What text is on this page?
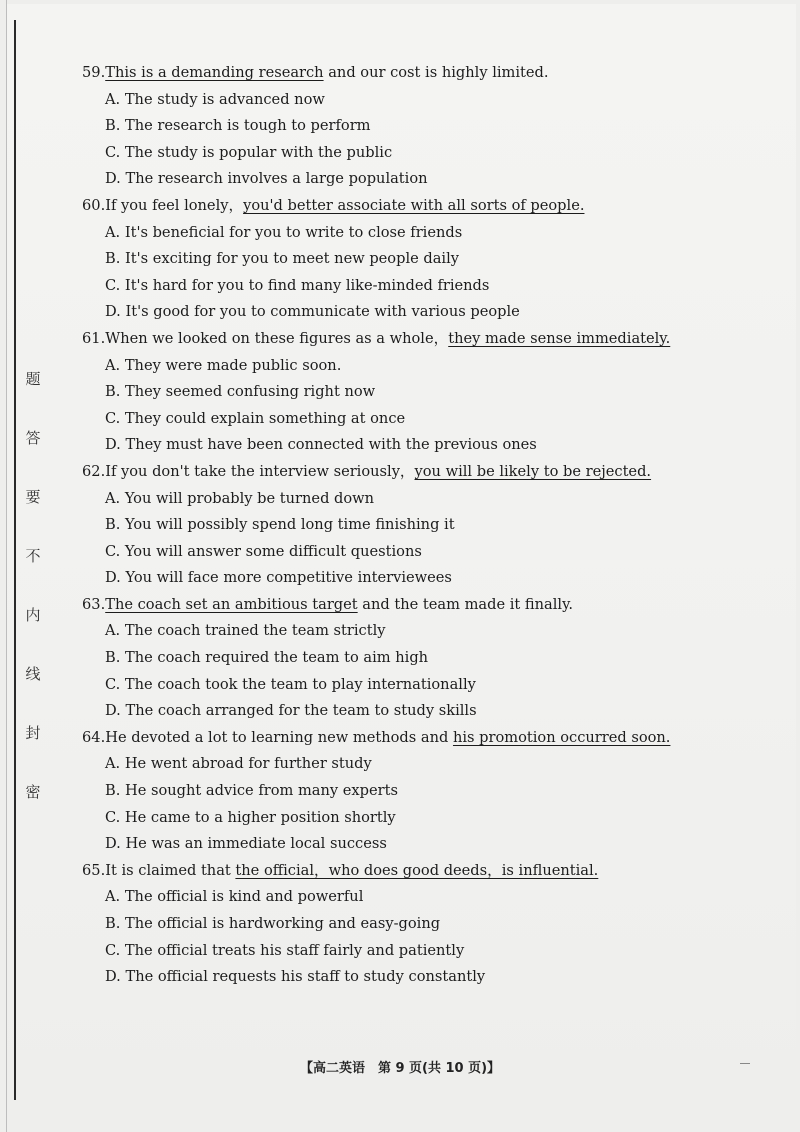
题
答
要
不
内
线
封
密
59.This is a demanding research and our cost is highly limited.
A. The study is advanced now
B. The research is tough to perform
C. The study is popular with the public
D. The research involves a large population
60.If you feel lonely，you'd better associate with all sorts of people.
A. It's beneficial for you to write to close friends
B. It's exciting for you to meet new people daily
C. It's hard for you to find many like-minded friends
D. It's good for you to communicate with various people
61.When we looked on these figures as a whole，they made sense immediately.
A. They were made public soon.
B. They seemed confusing right now
C. They could explain something at once
D. They must have been connected with the previous ones
62.If you don't take the interview seriously，you will be likely to be rejected.
A. You will probably be turned down
B. You will possibly spend long time finishing it
C. You will answer some difficult questions
D. You will face more competitive interviewees
63.The coach set an ambitious target and the team made it finally.
A. The coach trained the team strictly
B. The coach required the team to aim high
C. The coach took the team to play internationally
D. The coach arranged for the team to study skills
64.He devoted a lot to learning new methods and his promotion occurred soon.
A. He went abroad for further study
B. He sought advice from many experts
C. He came to a higher position shortly
D. He was an immediate local success
65.It is claimed that the official，who does good deeds，is influential.
A. The official is kind and powerful
B. The official is hardworking and easy-going
C. The official treats his staff fairly and patiently
D. The official requests his staff to study constantly
【高二英语　第 9 页(共 10 页)】
